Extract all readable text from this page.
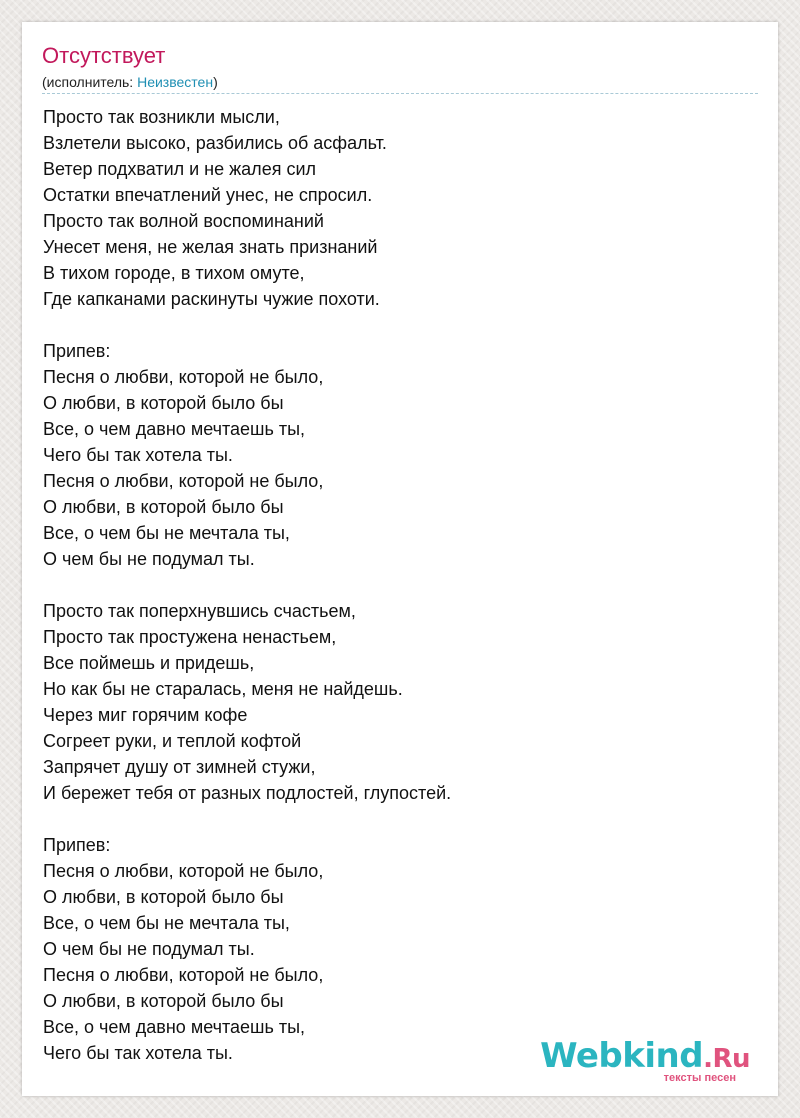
Отсутствует
(исполнитель: Неизвестен)
Просто так возникли мысли,
Взлетели высоко, разбились об асфальт.
Ветер подхватил и не жалея сил
Остатки впечатлений унес, не спросил.
Просто так волной воспоминаний
Унесет меня, не желая знать признаний
В тихом городе, в тихом омуте,
Где капканами раскинуты чужие похоти.
Припев:
Песня о любви, которой не было,
О любви, в которой было бы
Все, о чем давно мечтаешь ты,
Чего бы так хотела ты.
Песня о любви, которой не было,
О любви, в которой было бы
Все, о чем бы не мечтала ты,
О чем бы не подумал ты.
Просто так поперхнувшись счастьем,
Просто так простужена ненастьем,
Все поймешь и придешь,
Но как бы не старалась, меня не найдешь.
Через миг горячим кофе
Согреет руки, и теплой кофтой
Запрячет душу от зимней стужи,
И бережет тебя от разных подлостей, глупостей.
Припев:
Песня о любви, которой не было,
О любви, в которой было бы
Все, о чем бы не мечтала ты,
О чем бы не подумал ты.
Песня о любви, которой не было,
О любви, в которой было бы
Все, о чем давно мечтаешь ты,
Чего бы так хотела ты.	Webkind.Ru
тексты песен
